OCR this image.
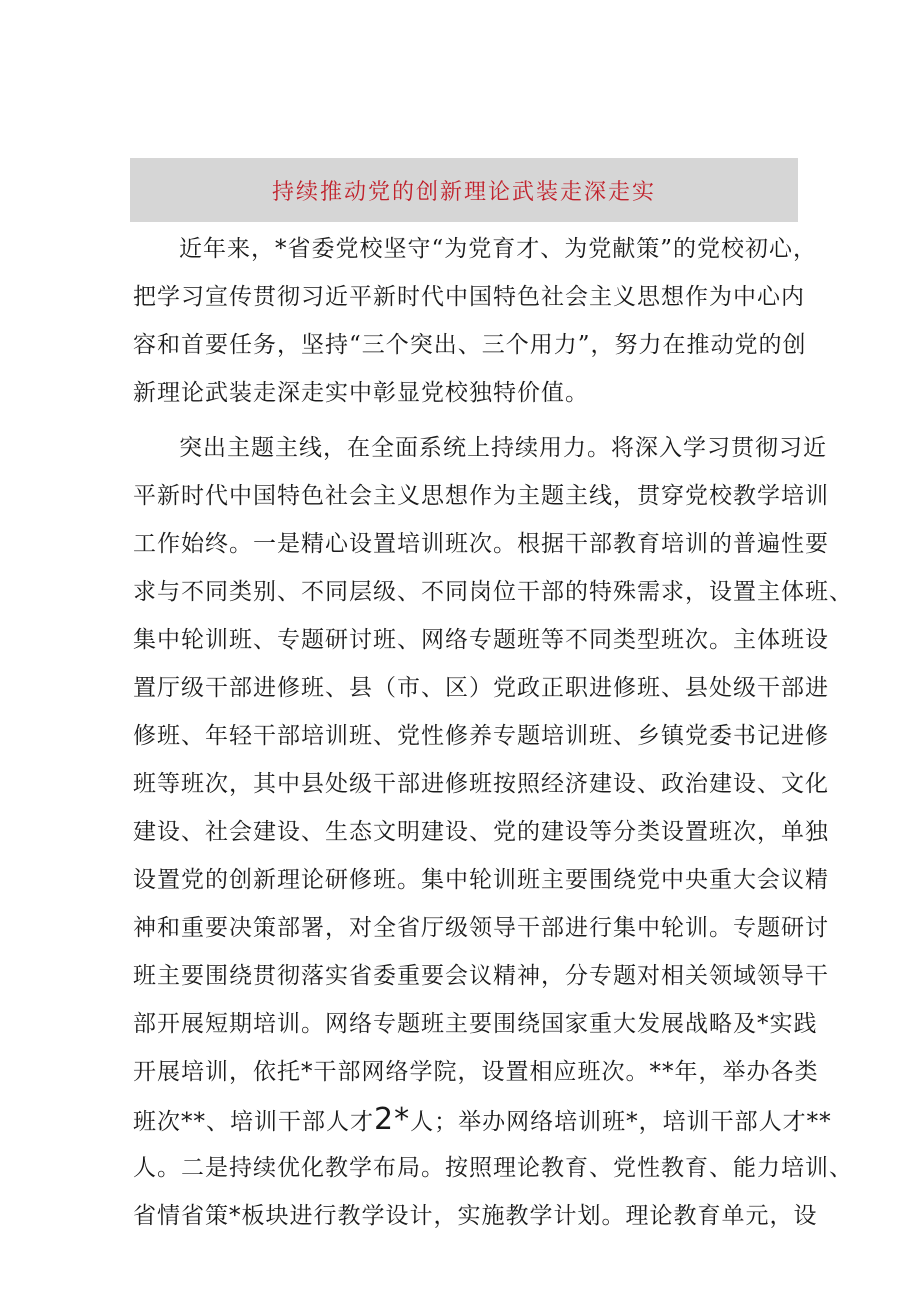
持续推动党的创新理论武装走深走实
近年来，*省委党校坚守“为党育才、为党献策”的党校初心，
把学习宣传贯彻习近平新时代中国特色社会主义思想作为中心内
容和首要任务，坚持“三个突出、三个用力”，努力在推动党的创
新理论武装走深走实中彰显党校独特价值。
突出主题主线，在全面系统上持续用力。将深入学习贯彻习近
平新时代中国特色社会主义思想作为主题主线，贯穿党校教学培训
工作始终。一是精心设置培训班次。根据干部教育培训的普遍性要
求与不同类别、不同层级、不同岗位干部的特殊需求，设置主体班、
集中轮训班、专题研讨班、网络专题班等不同类型班次。主体班设
置厅级干部进修班、县（市、区）党政正职进修班、县处级干部进
修班、年轻干部培训班、党性修养专题培训班、乡镇党委书记进修
班等班次，其中县处级干部进修班按照经济建设、政治建设、文化
建设、社会建设、生态文明建设、党的建设等分类设置班次，单独
设置党的创新理论研修班。集中轮训班主要围绕党中央重大会议精
神和重要决策部署，对全省厅级领导干部进行集中轮训。专题研讨
班主要围绕贯彻落实省委重要会议精神，分专题对相关领域领导干
部开展短期培训。网络专题班主要围绕国家重大发展战略及*实践
开展培训，依托*干部网络学院，设置相应班次。**年，举办各类
班次**、培训干部人才2*人；举办网络培训班*，培训干部人才**
人。二是持续优化教学布局。按照理论教育、党性教育、能力培训、
省情省策*板块进行教学设计，实施教学计划。理论教育单元，设
